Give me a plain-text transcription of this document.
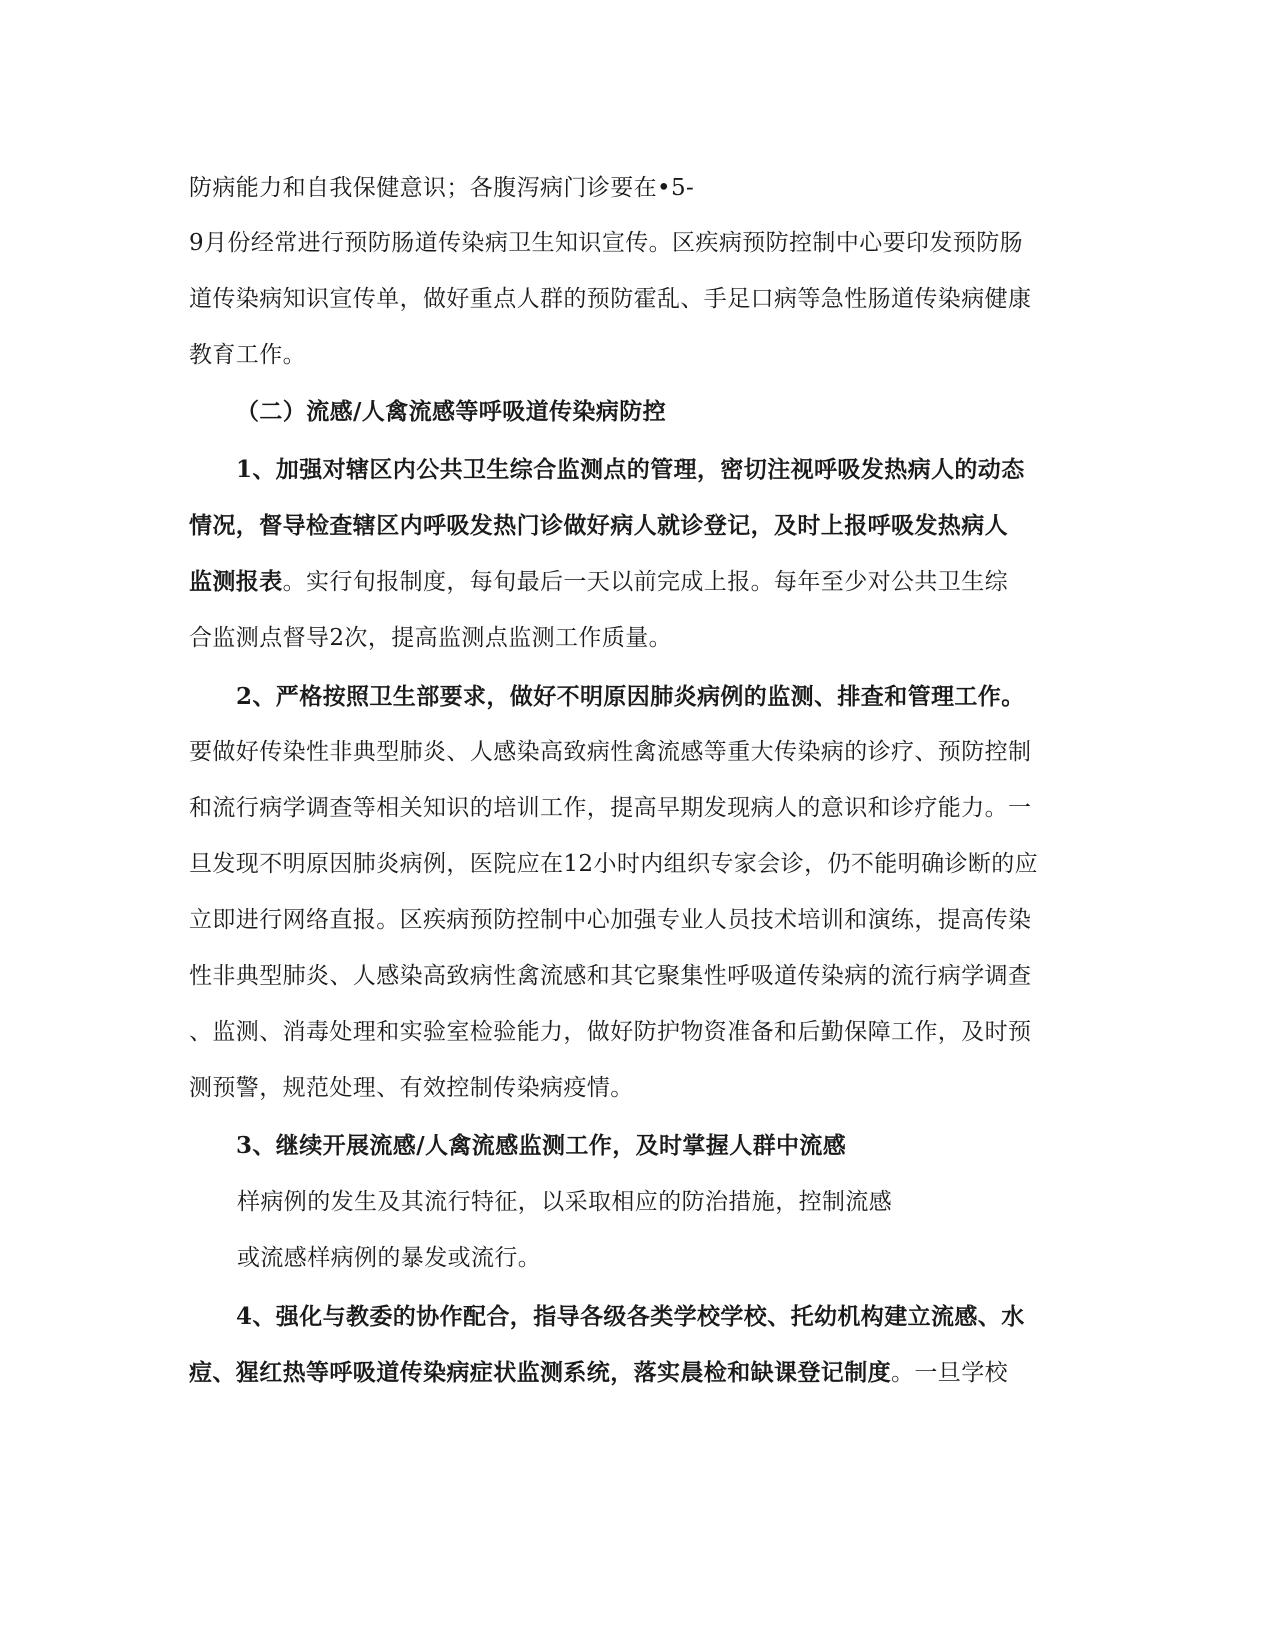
防病能力和自我保健意识；各腹泻病门诊要在•5-
9月份经常进行预防肠道传染病卫生知识宣传。区疾病预防控制中心要印发预防肠
道传染病知识宣传单，做好重点人群的预防霍乱、手足口病等急性肠道传染病健康
教育工作。
（二）流感/人禽流感等呼吸道传染病防控
1、加强对辖区内公共卫生综合监测点的管理，密切注视呼吸发热病人的动态
情况，督导检查辖区内呼吸发热门诊做好病人就诊登记，及时上报呼吸发热病人
监测报表。实行旬报制度，每旬最后一天以前完成上报。每年至少对公共卫生综
合监测点督导2次，提高监测点监测工作质量。
2、严格按照卫生部要求，做好不明原因肺炎病例的监测、排查和管理工作。
要做好传染性非典型肺炎、人感染高致病性禽流感等重大传染病的诊疗、预防控制
和流行病学调查等相关知识的培训工作，提高早期发现病人的意识和诊疗能力。一
旦发现不明原因肺炎病例，医院应在12小时内组织专家会诊，仍不能明确诊断的应
立即进行网络直报。区疾病预防控制中心加强专业人员技术培训和演练，提高传染
性非典型肺炎、人感染高致病性禽流感和其它聚集性呼吸道传染病的流行病学调查
、监测、消毒处理和实验室检验能力，做好防护物资准备和后勤保障工作，及时预
测预警，规范处理、有效控制传染病疫情。
3、继续开展流感/人禽流感监测工作，及时掌握人群中流感
样病例的发生及其流行特征，以采取相应的防治措施，控制流感
或流感样病例的暴发或流行。
4、强化与教委的协作配合，指导各级各类学校学校、托幼机构建立流感、水
痘、猩红热等呼吸道传染病症状监测系统，落实晨检和缺课登记制度。一旦学校
